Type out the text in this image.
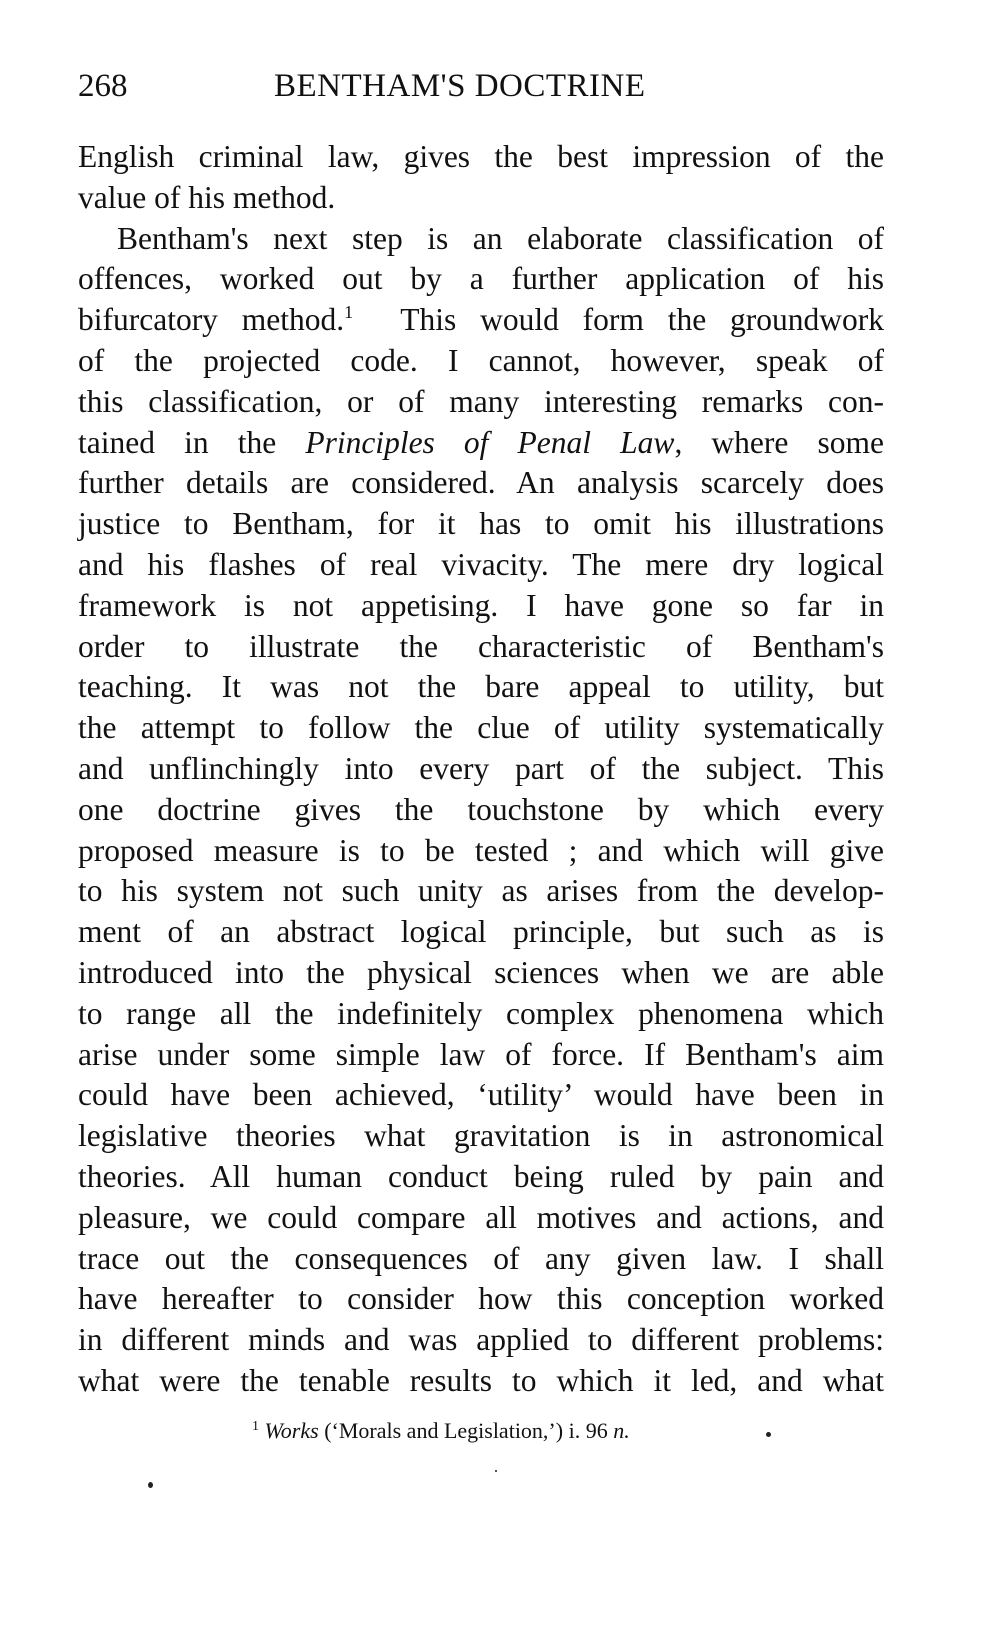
268	BENTHAM'S DOCTRINE
English criminal law, gives the best impression of the
value of his method.
Bentham's next step is an elaborate classification of
offences, worked out by a further application of his
bifurcatory method.$^1$  This would form the groundwork
of the projected code. I cannot, however, speak of
this classification, or of many interesting remarks con-
tained in the Principles of Penal Law, where some
further details are considered. An analysis scarcely does
justice to Bentham, for it has to omit his illustrations
and his flashes of real vivacity. The mere dry logical
framework is not appetising. I have gone so far in
order to illustrate the characteristic of Bentham's
teaching. It was not the bare appeal to utility, but
the attempt to follow the clue of utility systematically
and unflinchingly into every part of the subject. This
one doctrine gives the touchstone by which every
proposed measure is to be tested ; and which will give
to his system not such unity as arises from the develop-
ment of an abstract logical principle, but such as is
introduced into the physical sciences when we are able
to range all the indefinitely complex phenomena which
arise under some simple law of force. If Bentham's aim
could have been achieved, ‘utility’ would have been in
legislative theories what gravitation is in astronomical
theories. All human conduct being ruled by pain and
pleasure, we could compare all motives and actions, and
trace out the consequences of any given law. I shall
have hereafter to consider how this conception worked
in different minds and was applied to different problems:
what were the tenable results to which it led, and what
$^1$ Works (‘Morals and Legislation,’) i. 96 n.
